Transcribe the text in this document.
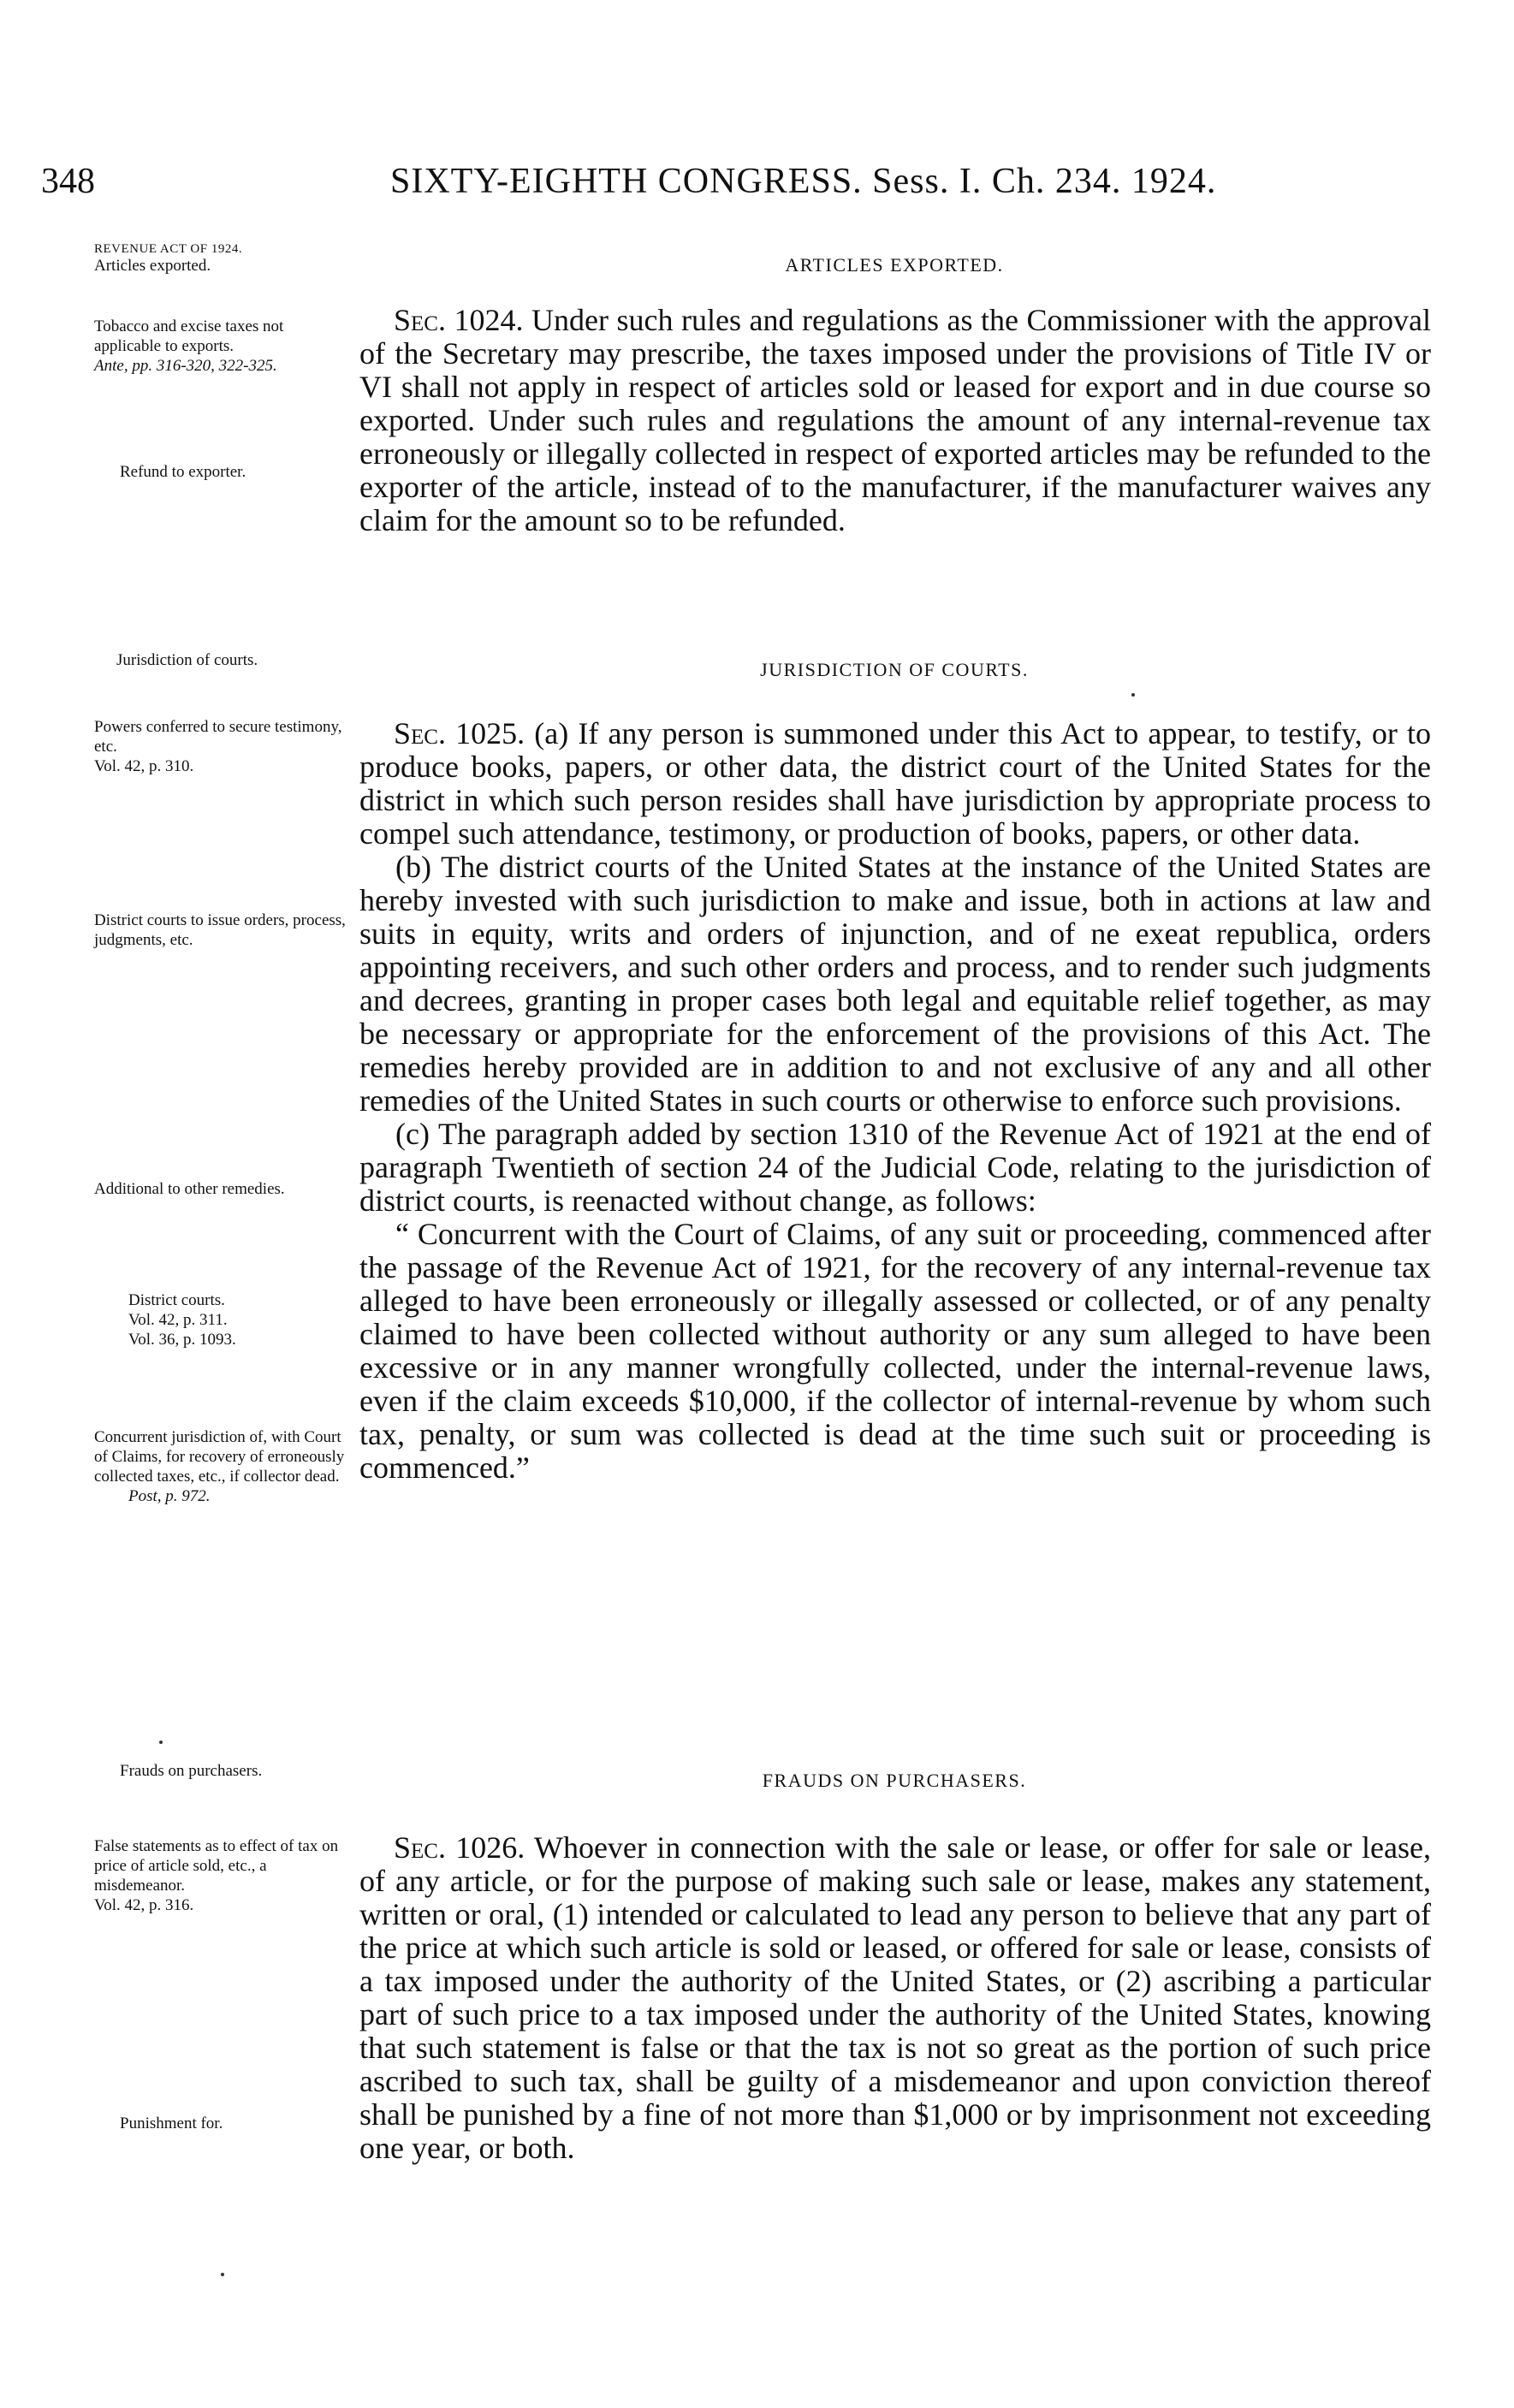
348	SIXTY-EIGHTH CONGRESS. Sess. I. Ch. 234. 1924.
REVENUE ACT OF 1924.
Articles exported.
Tobacco and excise taxes not applicable to exports.
Ante, pp. 316-320, 322-325.
Refund to exporter.
Jurisdiction of courts.
Powers conferred to secure testimony, etc.
Vol. 42, p. 310.
District courts to issue orders, process, judgments, etc.
Additional to other remedies.
District courts.
Vol. 42, p. 311.
Vol. 36, p. 1093.
Concurrent jurisdiction of, with Court of Claims, for recovery of erroneously collected taxes, etc., if collector dead.
Post, p. 972.
Frauds on purchasers.
False statements as to effect of tax on price of article sold, etc., a misdemeanor.
Vol. 42, p. 316.
Punishment for.
ARTICLES EXPORTED.

Sec. 1024. Under such rules and regulations as the Commissioner with the approval of the Secretary may prescribe, the taxes imposed under the provisions of Title IV or VI shall not apply in respect of articles sold or leased for export and in due course so exported. Under such rules and regulations the amount of any internal-revenue tax erroneously or illegally collected in respect of exported articles may be refunded to the exporter of the article, instead of to the manufacturer, if the manufacturer waives any claim for the amount so to be refunded.

JURISDICTION OF COURTS.

Sec. 1025. (a) If any person is summoned under this Act to appear, to testify, or to produce books, papers, or other data, the district court of the United States for the district in which such person resides shall have jurisdiction by appropriate process to compel such attendance, testimony, or production of books, papers, or other data.

(b) The district courts of the United States at the instance of the United States are hereby invested with such jurisdiction to make and issue, both in actions at law and suits in equity, writs and orders of injunction, and of ne exeat republica, orders appointing receivers, and such other orders and process, and to render such judgments and decrees, granting in proper cases both legal and equitable relief together, as may be necessary or appropriate for the enforcement of the provisions of this Act. The remedies hereby provided are in addition to and not exclusive of any and all other remedies of the United States in such courts or otherwise to enforce such provisions.

(c) The paragraph added by section 1310 of the Revenue Act of 1921 at the end of paragraph Twentieth of section 24 of the Judicial Code, relating to the jurisdiction of district courts, is reenacted without change, as follows:

“ Concurrent with the Court of Claims, of any suit or proceeding, commenced after the passage of the Revenue Act of 1921, for the recovery of any internal-revenue tax alleged to have been erroneously or illegally assessed or collected, or of any penalty claimed to have been collected without authority or any sum alleged to have been excessive or in any manner wrongfully collected, under the internal-revenue laws, even if the claim exceeds $10,000, if the collector of internal-revenue by whom such tax, penalty, or sum was collected is dead at the time such suit or proceeding is commenced.”

FRAUDS ON PURCHASERS.

Sec. 1026. Whoever in connection with the sale or lease, or offer for sale or lease, of any article, or for the purpose of making such sale or lease, makes any statement, written or oral, (1) intended or calculated to lead any person to believe that any part of the price at which such article is sold or leased, or offered for sale or lease, consists of a tax imposed under the authority of the United States, or (2) ascribing a particular part of such price to a tax imposed under the authority of the United States, knowing that such statement is false or that the tax is not so great as the portion of such price ascribed to such tax, shall be guilty of a misdemeanor and upon conviction thereof shall be punished by a fine of not more than $1,000 or by imprisonment not exceeding one year, or both.
